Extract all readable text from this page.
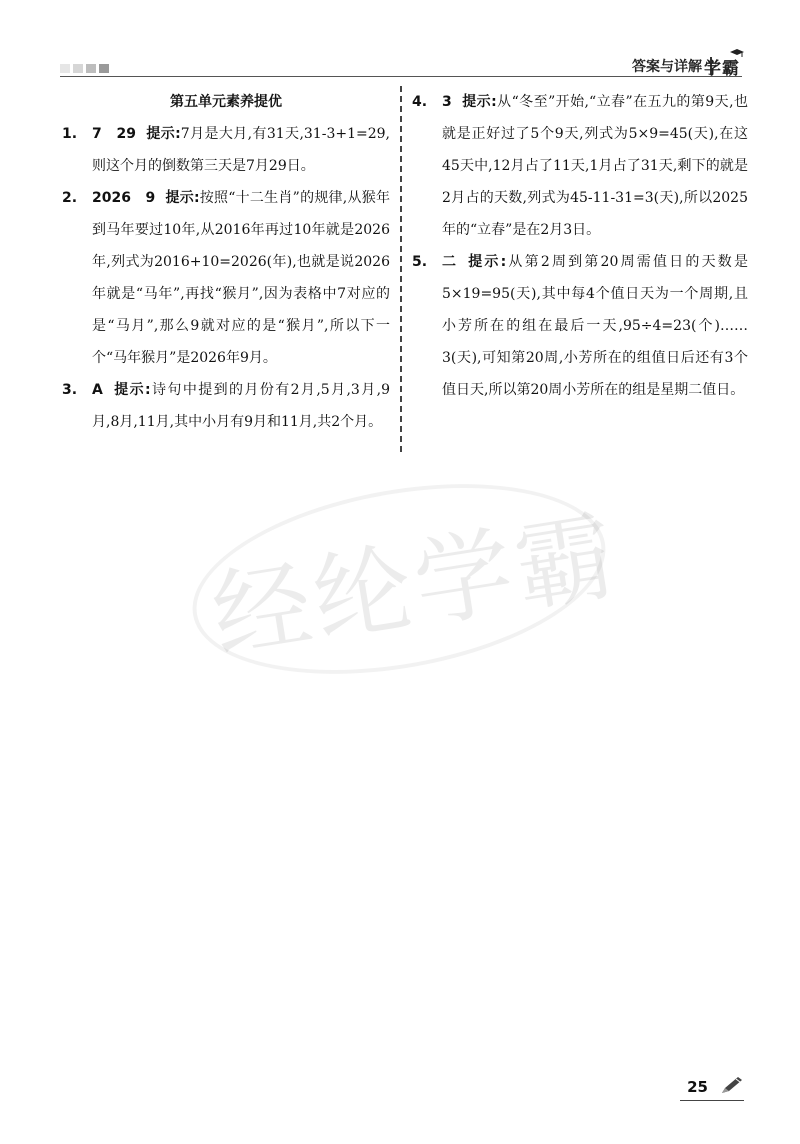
答案与详解 学霸
第五单元素养提优
1.	7　29 提示:7月是大月,有31天,31-3+1=29,则这个月的倒数第三天是7月29日。
2.	2026　9 提示:按照“十二生肖”的规律,从猴年到马年要过10年,从2016年再过10年就是2026年,列式为2016+10=2026(年),也就是说2026年就是“马年”,再找“猴月”,因为表格中7对应的是“马月”,那么9就对应的是“猴月”,所以下一个“马年猴月”是2026年9月。
3.	A 提示:诗句中提到的月份有2月,5月,3月,9月,8月,11月,其中小月有9月和11月,共2个月。
4.	3 提示:从“冬至”开始,“立春”在五九的第9天,也就是正好过了5个9天,列式为5×9=45(天),在这45天中,12月占了11天,1月占了31天,剩下的就是2月占的天数,列式为45-11-31=3(天),所以2025年的“立春”是在2月3日。
5.	二 提示:从第2周到第20周需值日的天数是5×19=95(天),其中每4个值日天为一个周期,且小芳所在的组在最后一天,95÷4=23(个)……3(天),可知第20周,小芳所在的组值日后还有3个值日天,所以第20周小芳所在的组是星期二值日。
经纶学霸
25
